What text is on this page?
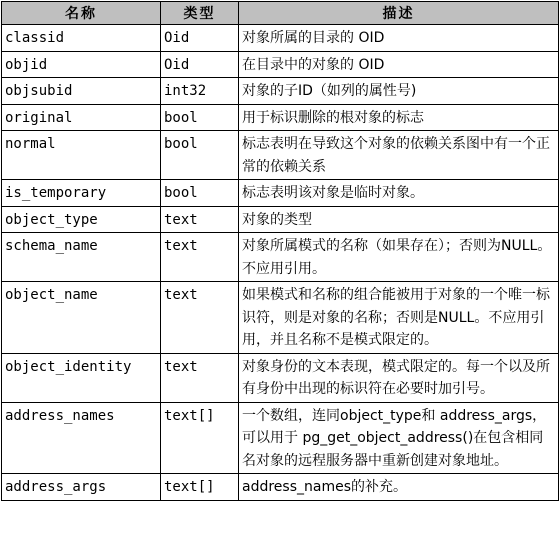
名称	类型	描述
classid	Oid	对象所属的目录的 OID
objid	Oid	在目录中的对象的 OID
objsubid	int32	对象的子ID（如列的属性号)
original	bool	用于标识删除的根对象的标志
normal	bool	标志表明在导致这个对象的依赖关系图中有一个正常的依赖关系
is_temporary	bool	标志表明该对象是临时对象。
object_type	text	对象的类型
schema_name	text	对象所属模式的名称（如果存在）；否则为NULL。不应用引用。
object_name	text	如果模式和名称的组合能被用于对象的一个唯一标识符，则是对象的名称；否则是NULL。不应用引用，并且名称不是模式限定的。
object_identity	text	对象身份的文本表现，模式限定的。每一个以及所有身份中出现的标识符在必要时加引号。
address_names	text[]	一个数组，连同object_type和 address_args， 可以用于 pg_get_object_address()在包含相同 名对象的远程服务器中重新创建对象地址。
address_args	text[]	address_names的补充。
